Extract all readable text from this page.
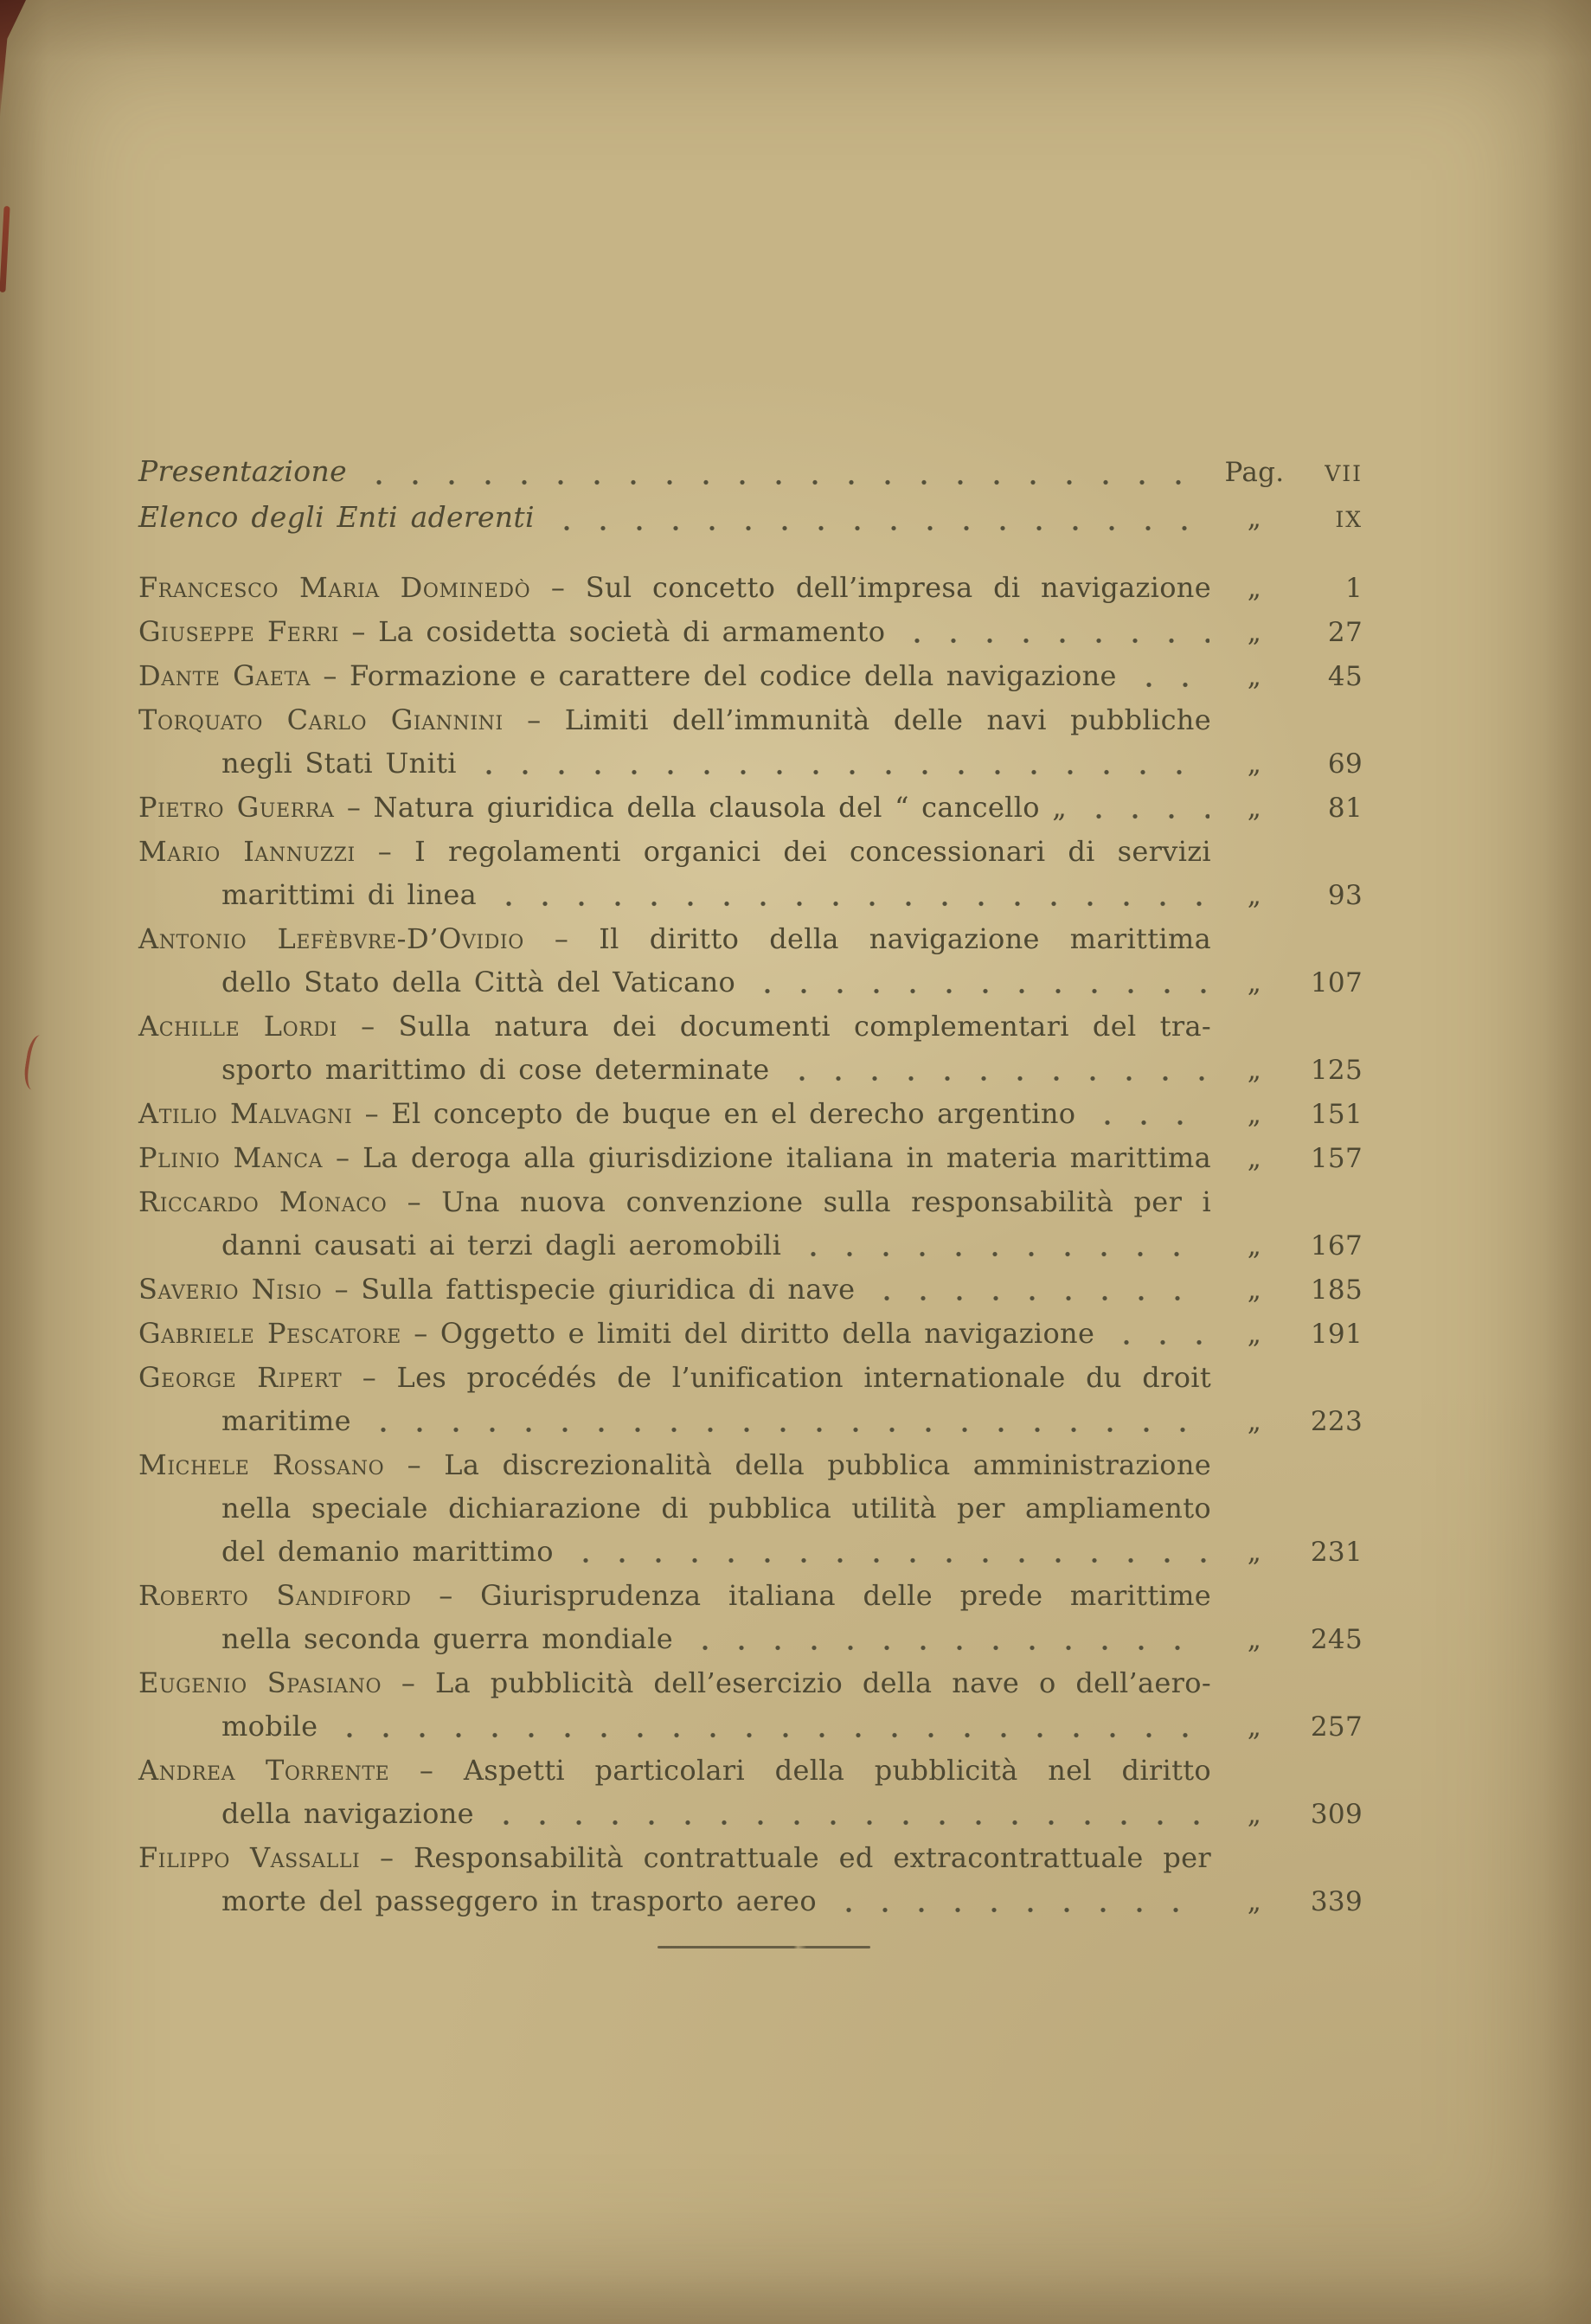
Presentazione	Pag.	VII
Elenco degli Enti aderenti	„	IX
Francesco Maria Dominedò – Sul concetto dell’impresa di navigazione	„	1
Giuseppe Ferri – La cosidetta società di armamento	„	27
Dante Gaeta – Formazione e carattere del codice della navigazione	„	45
Torquato Carlo Giannini – Limiti dell’immunità delle navi pubbliche
negli Stati Uniti	„	69
Pietro Guerra – Natura giuridica della clausola del “ cancello „	„	81
Mario Iannuzzi – I regolamenti organici dei concessionari di servizi
marittimi di linea	„	93
Antonio Lefèbvre-D’Ovidio – Il diritto della navigazione marittima
dello Stato della Città del Vaticano	„	107
Achille Lordi – Sulla natura dei documenti complementari del tra-
sporto marittimo di cose determinate	„	125
Atilio Malvagni – El concepto de buque en el derecho argentino	„	151
Plinio Manca – La deroga alla giurisdizione italiana in materia marittima	„	157
Riccardo Monaco – Una nuova convenzione sulla responsabilità per i
danni causati ai terzi dagli aeromobili	„	167
Saverio Nisio – Sulla fattispecie giuridica di nave	„	185
Gabriele Pescatore – Oggetto e limiti del diritto della navigazione	„	191
George Ripert – Les procédés de l’unification internationale du droit
maritime	„	223
Michele Rossano – La discrezionalità della pubblica amministrazione
nella speciale dichiarazione di pubblica utilità per ampliamento
del demanio marittimo	„	231
Roberto Sandiford – Giurisprudenza italiana delle prede marittime
nella seconda guerra mondiale	„	245
Eugenio Spasiano – La pubblicità dell’esercizio della nave o dell’aero-
mobile	„	257
Andrea Torrente – Aspetti particolari della pubblicità nel diritto
della navigazione	„	309
Filippo Vassalli – Responsabilità contrattuale ed extracontrattuale per
morte del passeggero in trasporto aereo	„	339
